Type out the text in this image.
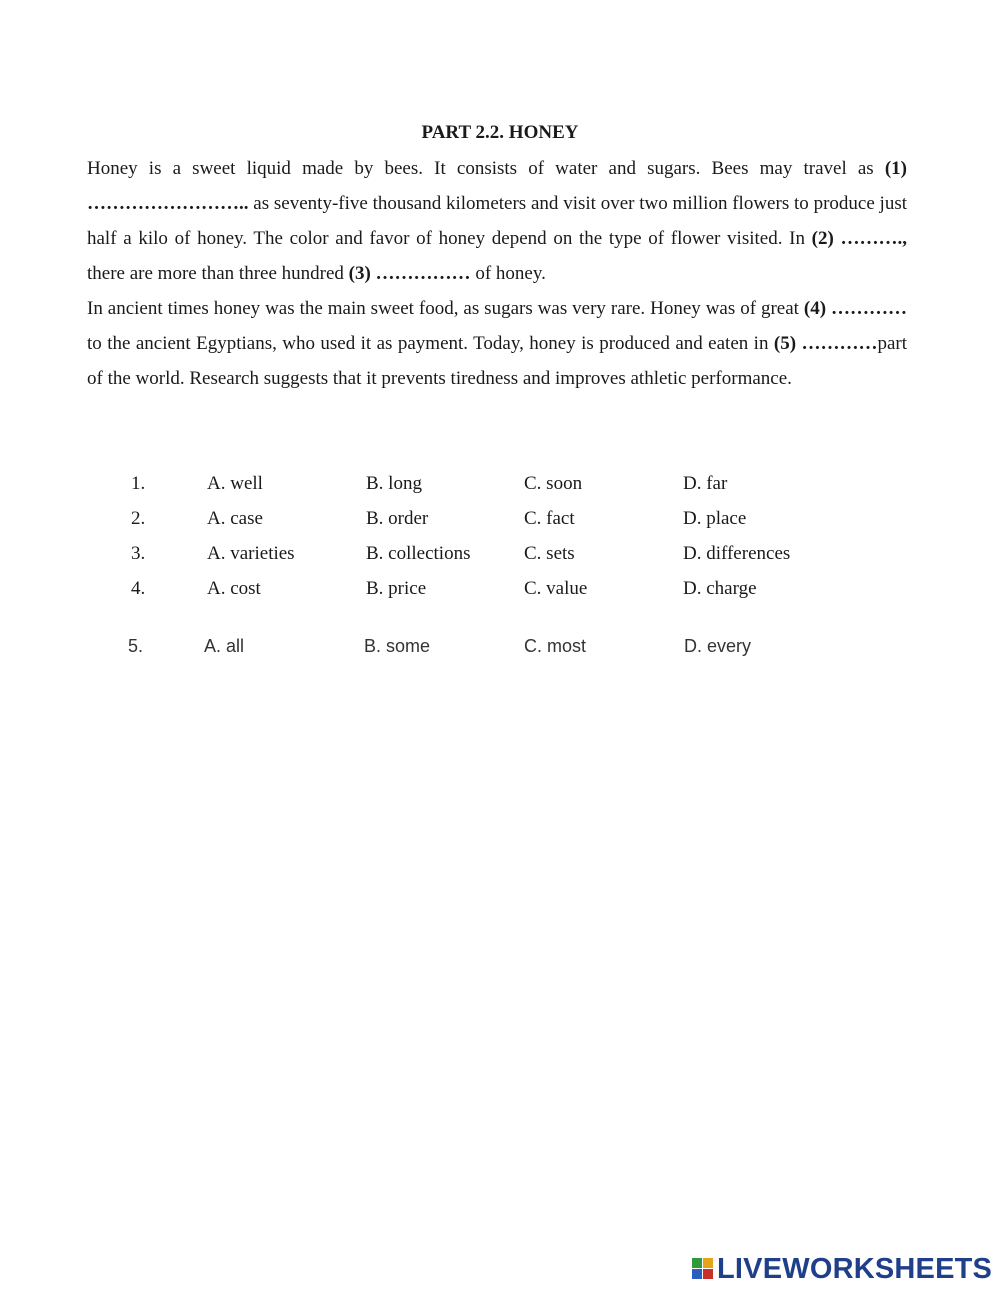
PART 2.2. HONEY

Honey is a sweet liquid made by bees. It consists of water and sugars. Bees may travel as (1) …………………….. as seventy-five thousand kilometers and visit over two million flowers to produce just half a kilo of honey. The color and favor of honey depend on the type of flower visited. In (2) ………., there are more than three hundred (3) …………… of honey.

In ancient times honey was the main sweet food, as sugars was very rare. Honey was of great (4) …………to the ancient Egyptians, who used it as payment. Today, honey is produced and eaten in (5) …………part of the world. Research suggests that it prevents tiredness and improves athletic performance.

1.	A. well	B. long	C. soon	D. far
2.	A. case	B. order	C. fact	D. place
3.	A. varieties	B. collections	C. sets	D. differences
4.	A. cost	B. price	C. value	D. charge
5.	A. all	B. some	C. most	D. every
LIVEWORKSHEETS
